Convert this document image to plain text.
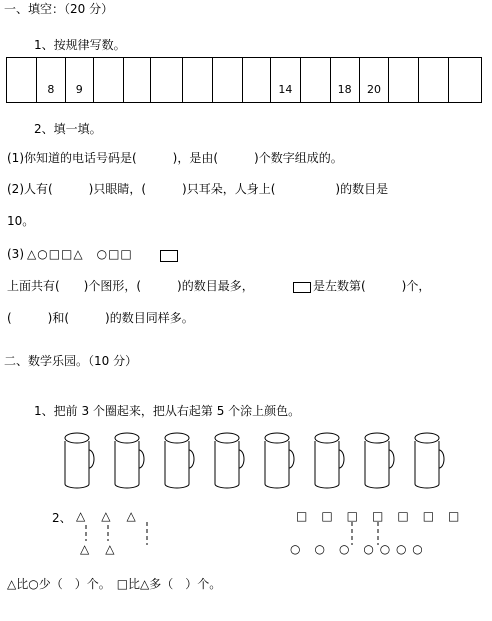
一、填空：（20 分）
1、按规律写数。
8	9	14	18	20
2、填一填。
(1)你知道的电话号码是(　　　)，是由(　　　)个数字组成的。
(2)人有(　　　)只眼睛，(　　　)只耳朵，人身上(　　　　　)的数目是
10。
(3) △○□□△　○□□
上面共有(　　)个图形，(　　　)的数目最多，	是左数第(　　　)个，
(　　　)和(　　　)的数目同样多。
二、数学乐园。（10 分）
1、把前 3 个圈起来，把从右起第 5 个涂上颜色。
2、 △　△　△
△　△
□　□　□　□　□　□　□
○　○　○　○ ○ ○ ○
△比○少（　）个。　□比△多（　）个。
